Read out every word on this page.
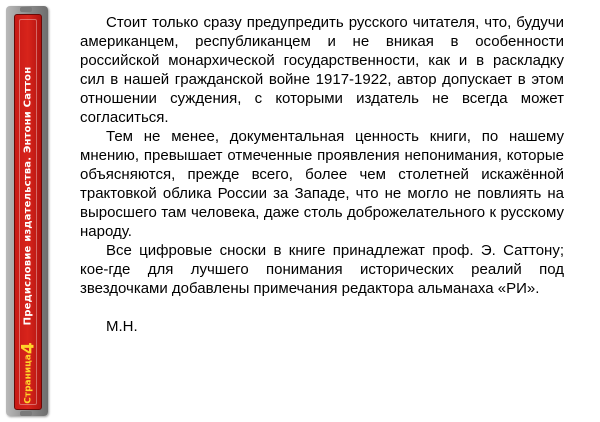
Предисловие издательства. Энтони Саттон
Страница4

Стоит только сразу предупредить русского читателя, что, будучи американцем, республиканцем и не вникая в особенности российской монархической государственности, как и в раскладку сил в нашей гражданской войне 1917-1922, автор допускает в этом отношении суждения, с которыми издатель не всегда может согласиться.

Тем не менее, документальная ценность книги, по нашему мнению, превышает отмеченные проявления непонимания, которые объясняются, прежде всего, более чем столетней искажённой трактовкой облика России за Западе, что не могло не повлиять на выросшего там человека, даже столь доброжелательного к русскому народу.

Все цифровые сноски в книге принадлежат проф. Э. Саттону; кое-где для лучшего понимания исторических реалий под звездочками добавлены примечания редактора альманаха «РИ».

М.Н.
